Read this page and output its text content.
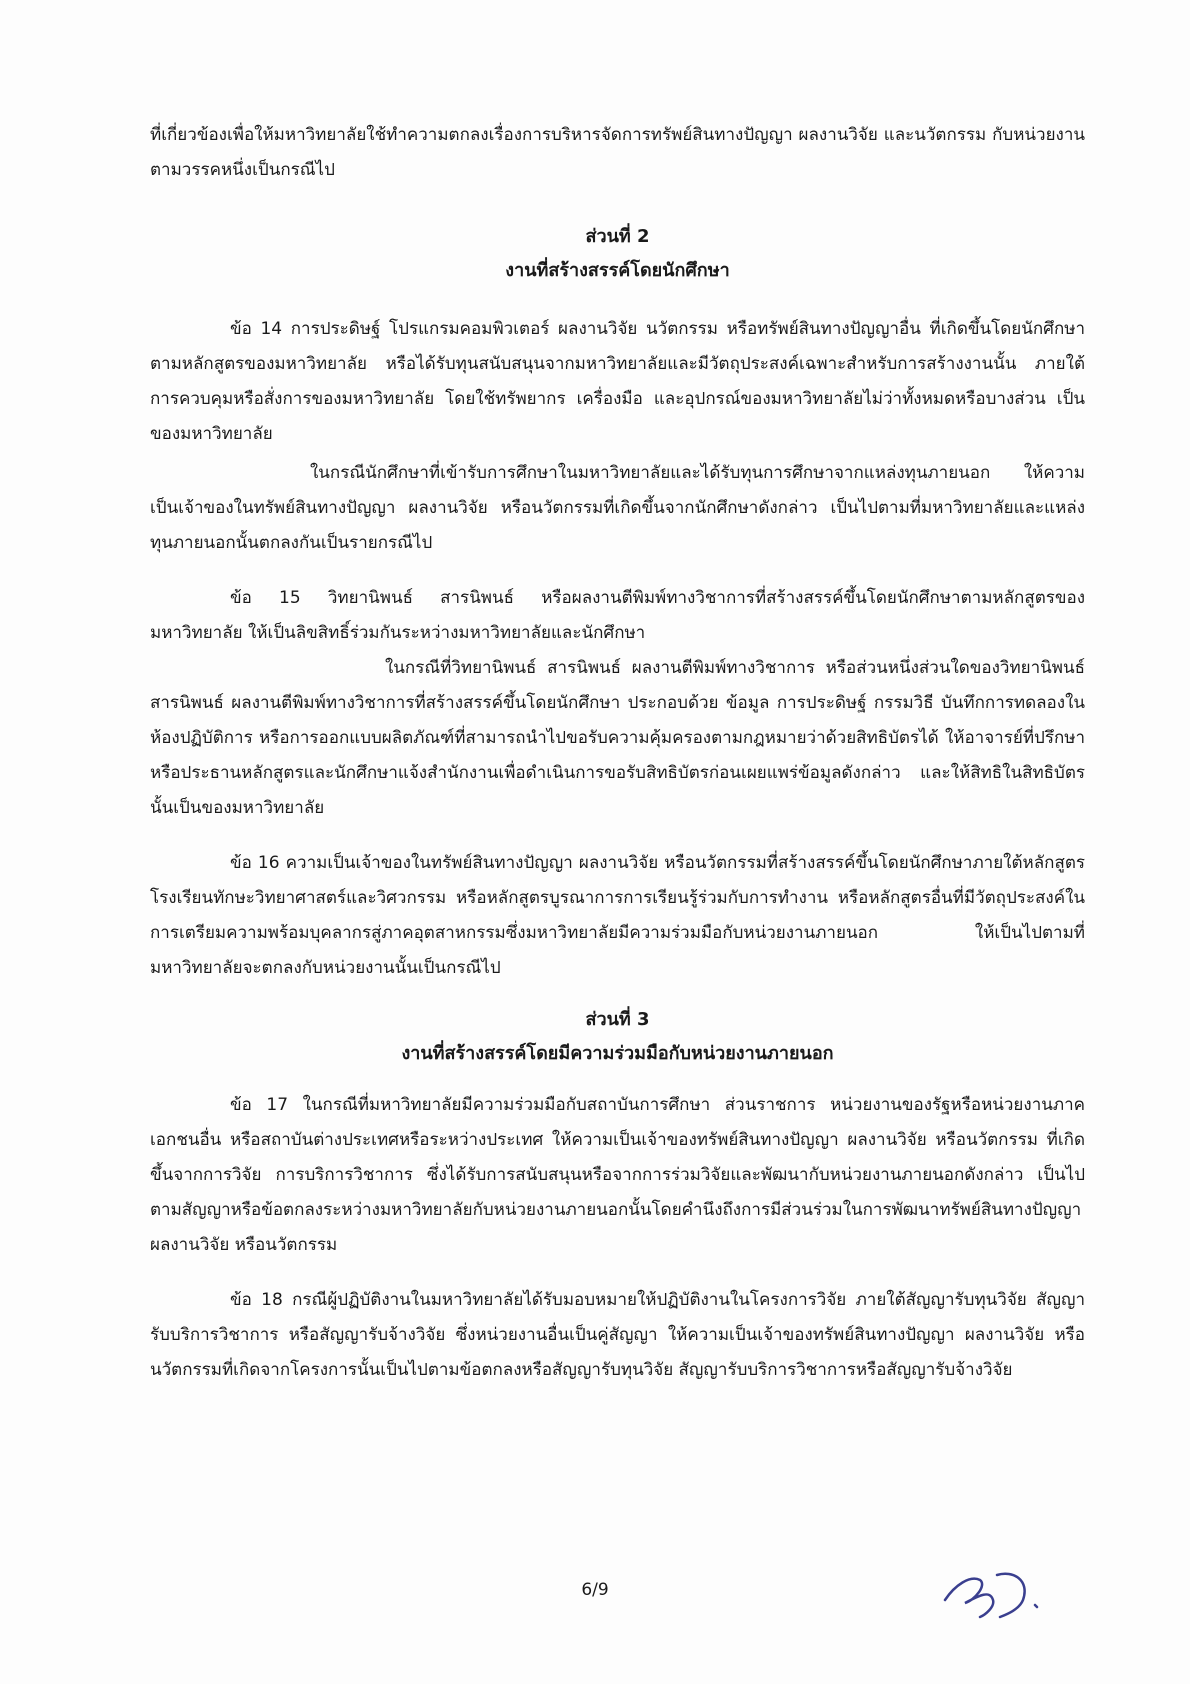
ที่เกี่ยวข้องเพื่อให้มหาวิทยาลัยใช้ทำความตกลงเรื่องการบริหารจัดการทรัพย์สินทางปัญญา ผลงานวิจัย และนวัตกรรม กับหน่วยงานตามวรรคหนึ่งเป็นกรณีไป

ส่วนที่ 2
งานที่สร้างสรรค์โดยนักศึกษา

ข้อ 14 การประดิษฐ์ โปรแกรมคอมพิวเตอร์ ผลงานวิจัย นวัตกรรม หรือทรัพย์สินทางปัญญาอื่น ที่เกิดขึ้นโดยนักศึกษาตามหลักสูตรของมหาวิทยาลัย หรือได้รับทุนสนับสนุนจากมหาวิทยาลัยและมีวัตถุประสงค์เฉพาะสำหรับการสร้างงานนั้น ภายใต้การควบคุมหรือสั่งการของมหาวิทยาลัย โดยใช้ทรัพยากร เครื่องมือ และอุปกรณ์ของมหาวิทยาลัยไม่ว่าทั้งหมดหรือบางส่วน เป็นของมหาวิทยาลัย

ในกรณีนักศึกษาที่เข้ารับการศึกษาในมหาวิทยาลัยและได้รับทุนการศึกษาจากแหล่งทุนภายนอก ให้ความเป็นเจ้าของในทรัพย์สินทางปัญญา ผลงานวิจัย หรือนวัตกรรมที่เกิดขึ้นจากนักศึกษาดังกล่าว เป็นไปตามที่มหาวิทยาลัยและแหล่งทุนภายนอกนั้นตกลงกันเป็นรายกรณีไป

ข้อ 15 วิทยานิพนธ์ สารนิพนธ์ หรือผลงานตีพิมพ์ทางวิชาการที่สร้างสรรค์ขึ้นโดยนักศึกษาตามหลักสูตรของมหาวิทยาลัย ให้เป็นลิขสิทธิ์ร่วมกันระหว่างมหาวิทยาลัยและนักศึกษา

ในกรณีที่วิทยานิพนธ์ สารนิพนธ์ ผลงานตีพิมพ์ทางวิชาการ หรือส่วนหนึ่งส่วนใดของวิทยานิพนธ์ สารนิพนธ์ ผลงานตีพิมพ์ทางวิชาการที่สร้างสรรค์ขึ้นโดยนักศึกษา ประกอบด้วย ข้อมูล การประดิษฐ์ กรรมวิธี บันทึกการทดลองในห้องปฏิบัติการ หรือการออกแบบผลิตภัณฑ์ที่สามารถนำไปขอรับความคุ้มครองตามกฎหมายว่าด้วยสิทธิบัตรได้ ให้อาจารย์ที่ปรึกษาหรือประธานหลักสูตรและนักศึกษาแจ้งสำนักงานเพื่อดำเนินการขอรับสิทธิบัตรก่อนเผยแพร่ข้อมูลดังกล่าว และให้สิทธิในสิทธิบัตรนั้นเป็นของมหาวิทยาลัย

ข้อ 16 ความเป็นเจ้าของในทรัพย์สินทางปัญญา ผลงานวิจัย หรือนวัตกรรมที่สร้างสรรค์ขึ้นโดยนักศึกษาภายใต้หลักสูตรโรงเรียนทักษะวิทยาศาสตร์และวิศวกรรม หรือหลักสูตรบูรณาการการเรียนรู้ร่วมกับการทำงาน หรือหลักสูตรอื่นที่มีวัตถุประสงค์ในการเตรียมความพร้อมบุคลากรสู่ภาคอุตสาหกรรมซึ่งมหาวิทยาลัยมีความร่วมมือกับหน่วยงานภายนอก ให้เป็นไปตามที่มหาวิทยาลัยจะตกลงกับหน่วยงานนั้นเป็นกรณีไป

ส่วนที่ 3
งานที่สร้างสรรค์โดยมีความร่วมมือกับหน่วยงานภายนอก

ข้อ 17 ในกรณีที่มหาวิทยาลัยมีความร่วมมือกับสถาบันการศึกษา ส่วนราชการ หน่วยงานของรัฐหรือหน่วยงานภาคเอกชนอื่น หรือสถาบันต่างประเทศหรือระหว่างประเทศ ให้ความเป็นเจ้าของทรัพย์สินทางปัญญา ผลงานวิจัย หรือนวัตกรรม ที่เกิดขึ้นจากการวิจัย การบริการวิชาการ ซึ่งได้รับการสนับสนุนหรือจากการร่วมวิจัยและพัฒนากับหน่วยงานภายนอกดังกล่าว เป็นไปตามสัญญาหรือข้อตกลงระหว่างมหาวิทยาลัยกับหน่วยงานภายนอกนั้นโดยคำนึงถึงการมีส่วนร่วมในการพัฒนาทรัพย์สินทางปัญญา ผลงานวิจัย หรือนวัตกรรม

ข้อ 18 กรณีผู้ปฏิบัติงานในมหาวิทยาลัยได้รับมอบหมายให้ปฏิบัติงานในโครงการวิจัย ภายใต้สัญญารับทุนวิจัย สัญญารับบริการวิชาการ หรือสัญญารับจ้างวิจัย ซึ่งหน่วยงานอื่นเป็นคู่สัญญา ให้ความเป็นเจ้าของทรัพย์สินทางปัญญา ผลงานวิจัย หรือนวัตกรรมที่เกิดจากโครงการนั้นเป็นไปตามข้อตกลงหรือสัญญารับทุนวิจัย สัญญารับบริการวิชาการหรือสัญญารับจ้างวิจัย

6/9
